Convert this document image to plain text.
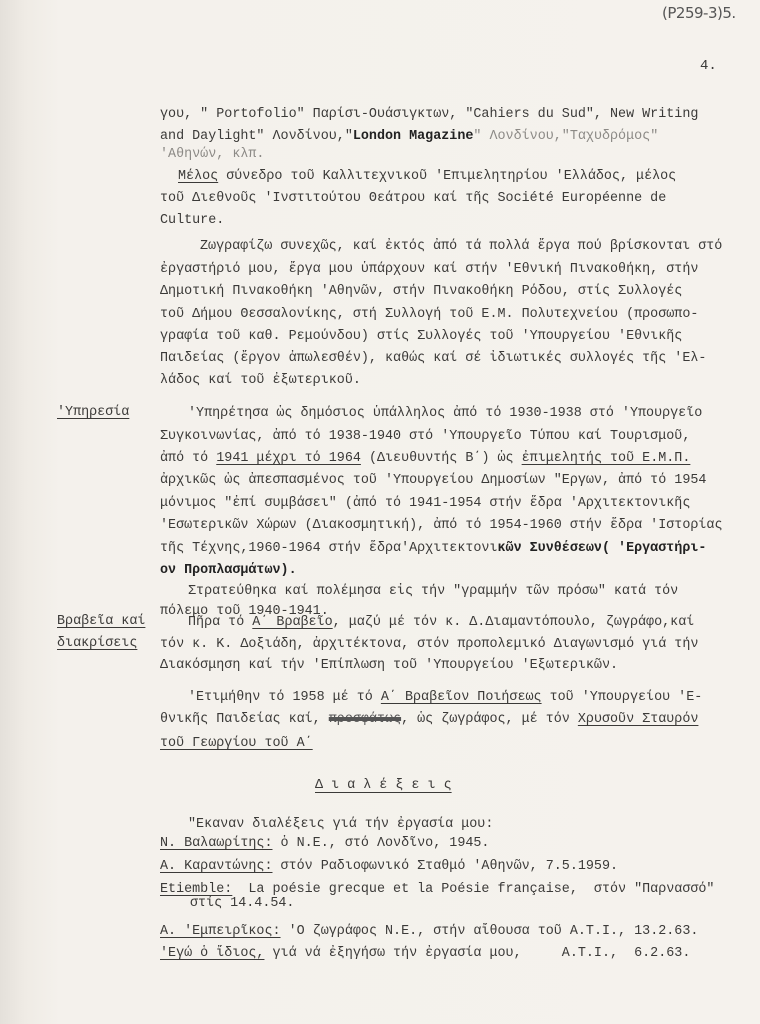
(Ρ259-3)5.
4.
'Υπηρεσία
Βραβεῖα καί
διακρίσεις
Δ ι α λ έ ξ ε ι ς
γου, " Portofolio" Παρίσι-Ουάσιγκτων, "Cahiers du Sud", New Writing
and Daylight" Λονδίνου,"London Magazine" Λονδίνου,"Ταχυδρόμος"
'Αθηνών, κλπ.
Μέλος σύνεδρο τοῦ Καλλιτεχνικοῦ 'Επιμελητηρίου 'Ελλάδος, μέλος
τοῦ Διεθνοῦς 'Ινστιτούτου Θεάτρου καί τῆς Société Européenne de
Culture.
Ζωγραφίζω συνεχῶς, καί ἐκτός ἀπό τά πολλά ἔργα πού βρίσκονται στό
ἐργαστήριό μου, ἔργα μου ὑπάρχουν καί στήν 'Εθνική Πινακοθήκη, στήν
Δημοτική Πινακοθήκη 'Αθηνῶν, στήν Πινακοθήκη Ρόδου, στίς Συλλογές
τοῦ Δήμου Θεσσαλονίκης, στή Συλλογή τοῦ Ε.Μ. Πολυτεχνείου (προσωπο-
γραφία τοῦ καθ. Ρεμούνδου) στίς Συλλογές τοῦ 'Υπουργείου 'Εθνικῆς
Παιδείας (ἔργον ἀπωλεσθέν), καθώς καί σέ ἰδιωτικές συλλογές τῆς 'Ελ-
λάδος καί τοῦ ἐξωτερικοῦ.
'Υπηρέτησα ὡς δημόσιος ὑπάλληλος ἀπό τό 1930-1938 στό 'Υπουργεῖο
Συγκοινωνίας, ἀπό τό 1938-1940 στό 'Υπουργεῖο Τύπου καί Τουρισμοῦ,
ἀπό τό 1941 μέχρι τό 1964 (Διευθυντής Β΄) ὡς ἐπιμελητής τοῦ Ε.Μ.Π.
ἀρχικῶς ὡς ἀπεσπασμένος τοῦ 'Υπουργείου Δημοσίων "Εργων, ἀπό τό 1954
μόνιμος "ἐπί συμβάσει" (ἀπό τό 1941-1954 στήν ἕδρα 'Αρχιτεκτονικῆς
'Εσωτερικῶν Χώρων (Διακοσμητική), ἀπό τό 1954-1960 στήν ἕδρα 'Ιστορίας
τῆς Τέχνης,1960-1964 στήν ἕδρα'Αρχιτεκτονικῶν Συνθέσεων( 'Εργαστήρι-
ον Προπλασμάτων).
Στρατεύθηκα καί πολέμησα εἰς τήν "γραμμήν τῶν πρόσω" κατά τόν
πόλεμο τοῦ 1940-1941.
Πῆρα τό Α΄ Βραβεῖο, μαζύ μέ τόν κ. Δ.Διαμαντόπουλο, ζωγράφο,καί
τόν κ. Κ. Δοξιάδη, ἀρχιτέκτονα, στόν προπολεμικό Διαγωνισμό γιά τήν
Διακόσμηση καί τήν 'Επίπλωση τοῦ 'Υπουργείου 'Εξωτερικῶν.
'Ετιμήθην τό 1958 μέ τό Α΄ Βραβεῖον Ποιήσεως τοῦ 'Υπουργείου 'Ε-
θνικῆς Παιδείας καί, προσφάτως, ὡς ζωγράφος, μέ τόν Χρυσοῦν Σταυρόν
τοῦ Γεωργίου τοῦ Α΄
"Εκαναν διαλέξεις γιά τήν ἐργασία μου:
Ν. Βαλαωρίτης: ὁ Ν.Ε., στό Λονδῖνο, 1945.
Α. Καραντώνης: στόν Ραδιοφωνικό Σταθμό 'Αθηνῶν, 7.5.1959.
Etiemble:  La poésie grecque et la Poésie française,  στόν "Παρνασσό"
στίς 14.4.54.
Α. 'Εμπειρῖκος: 'Ο ζωγράφος Ν.Ε., στήν αἴθουσα τοῦ Α.Τ.Ι., 13.2.63.
'Εγώ ὁ ἴδιος, γιά νά ἐξηγήσω τήν ἐργασία μου,     A.T.I.,  6.2.63.
